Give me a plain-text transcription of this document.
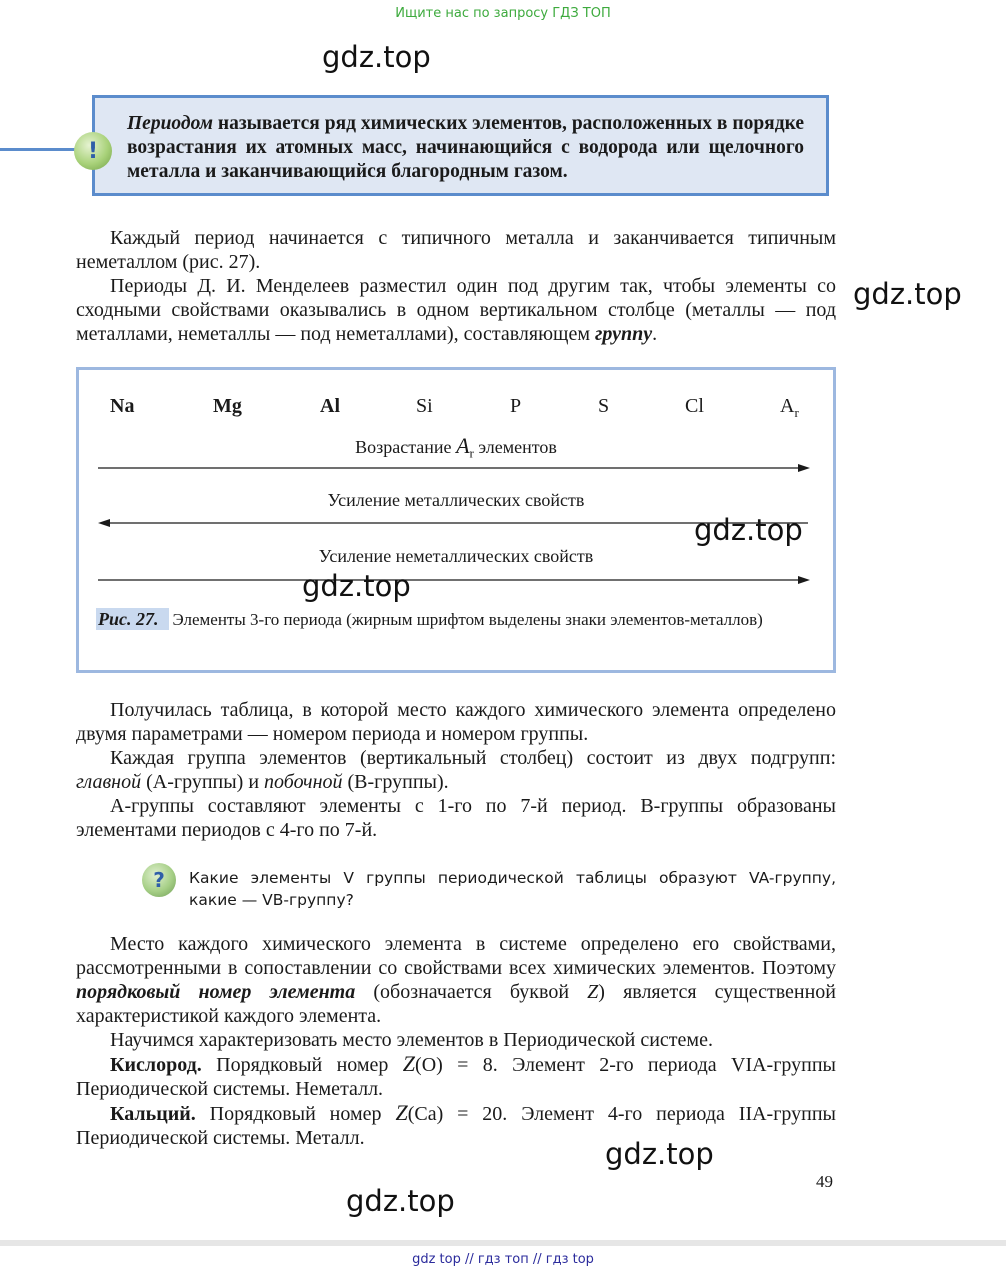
Ищите нас по запросу ГДЗ ТОП
gdz.top
gdz.top
Периодом называется ряд химических элементов, расположенных в порядке возрастания их атомных масс, начинающийся с водорода или щелочного металла и заканчивающийся благородным газом.
!

Каждый период начинается с типичного металла и заканчивается типичным неметаллом (рис. 27).

Периоды Д. И. Менделеев разместил один под другим так, чтобы элементы со сходными свойствами оказывались в одном вертикальном столбце (металлы — под металлами, неметаллы — под неметаллами), составляющем группу.

Na	Mg	Al	Si	P	S	Cl	$A_r$
Возрастание $A_r$ элементов
Усиление металлических свойств
Усиление неметаллических свойств
gdz.top
gdz.top
Рис. 27. Элементы 3-го периода (жирным шрифтом выделены знаки элементов-металлов)

Получилась таблица, в которой место каждого химического элемента определено двумя параметрами — номером периода и номером группы.

Каждая группа элементов (вертикальный столбец) состоит из двух подгрупп: главной (А-группы) и побочной (В-группы).

А-группы составляют элементы с 1-го по 7-й период. В-группы образованы элементами периодов с 4-го по 7-й.

?	Какие элементы V группы периодической таблицы образуют VA-группу, какие — VB-группу?

Место каждого химического элемента в системе определено его свойствами, рассмотренными в сопоставлении со свойствами всех химических элементов. Поэтому порядковый номер элемента (обозначается буквой Z) является существенной характеристикой каждого элемента.

Научимся характеризовать место элементов в Периодической системе.

Кислород. Порядковый номер Z(O) = 8. Элемент 2-го периода VIA-группы Периодической системы. Неметалл.

Кальций. Порядковый номер Z(Ca) = 20. Элемент 4-го периода IIA-группы Периодической системы. Металл.	gdz.top
49
gdz.top
gdz top // гдз топ // гдз top
